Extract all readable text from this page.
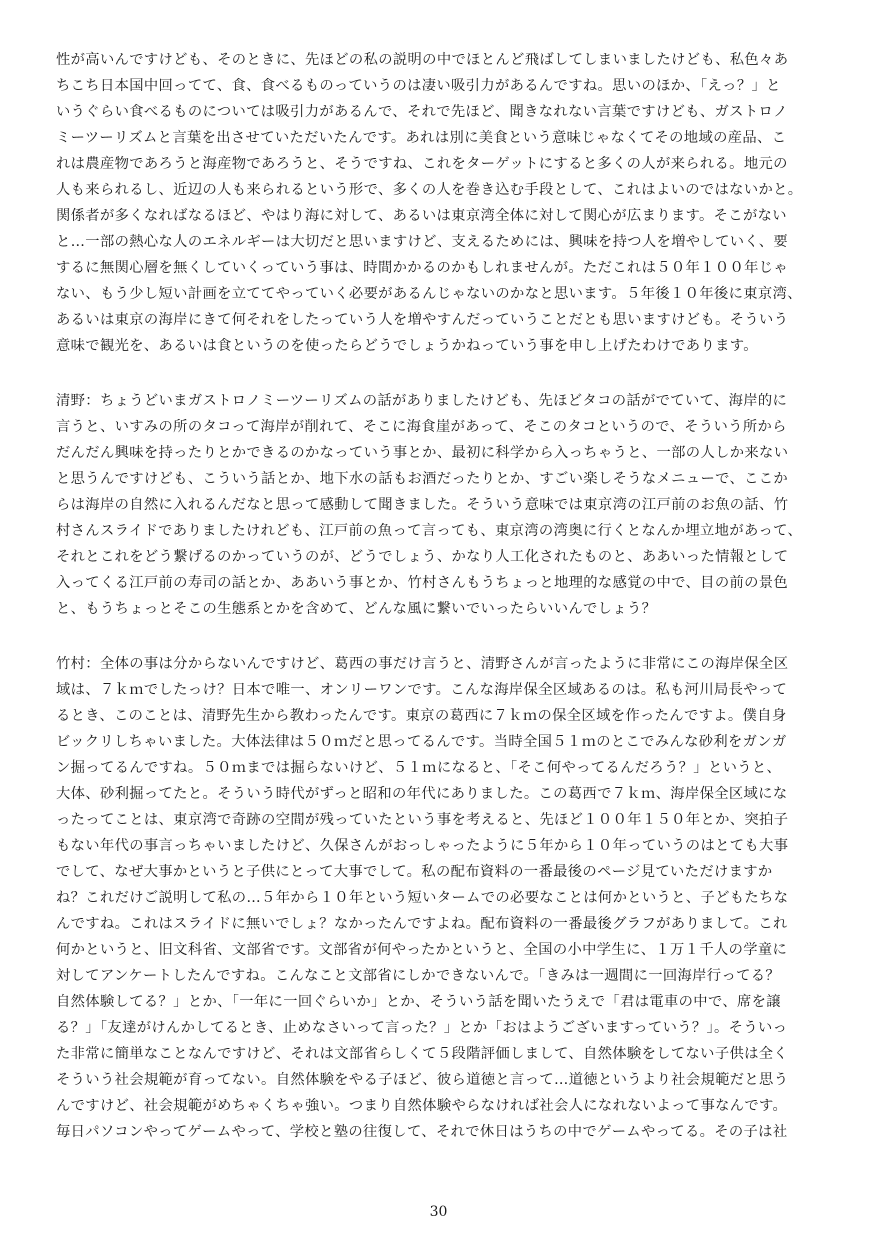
性が高いんですけども、そのときに、先ほどの私の説明の中でほとんど飛ばしてしまいましたけども、私色々あ
ちこち日本国中回ってて、食、食べるものっていうのは凄い吸引力があるんですね。思いのほか、「えっ？」と
いうぐらい食べるものについては吸引力があるんで、それで先ほど、聞きなれない言葉ですけども、ガストロノ
ミーツーリズムと言葉を出させていただいたんです。あれは別に美食という意味じゃなくてその地域の産品、こ
れは農産物であろうと海産物であろうと、そうですね、これをターゲットにすると多くの人が来られる。地元の
人も来られるし、近辺の人も来られるという形で、多くの人を巻き込む手段として、これはよいのではないかと。
関係者が多くなればなるほど、やはり海に対して、あるいは東京湾全体に対して関心が広まります。そこがない
と…一部の熱心な人のエネルギーは大切だと思いますけど、支えるためには、興味を持つ人を増やしていく、要
するに無関心層を無くしていくっていう事は、時間かかるのかもしれませんが。ただこれは５０年１００年じゃ
ない、もう少し短い計画を立ててやっていく必要があるんじゃないのかなと思います。５年後１０年後に東京湾、
あるいは東京の海岸にきて何それをしたっていう人を増やすんだっていうことだとも思いますけども。そういう
意味で観光を、あるいは食というのを使ったらどうでしょうかねっていう事を申し上げたわけであります。
清野：ちょうどいまガストロノミーツーリズムの話がありましたけども、先ほどタコの話がでていて、海岸的に
言うと、いすみの所のタコって海岸が削れて、そこに海食崖があって、そこのタコというので、そういう所から
だんだん興味を持ったりとかできるのかなっていう事とか、最初に科学から入っちゃうと、一部の人しか来ない
と思うんですけども、こういう話とか、地下水の話もお酒だったりとか、すごい楽しそうなメニューで、ここか
らは海岸の自然に入れるんだなと思って感動して聞きました。そういう意味では東京湾の江戸前のお魚の話、竹
村さんスライドでありましたけれども、江戸前の魚って言っても、東京湾の湾奥に行くとなんか埋立地があって、
それとこれをどう繋げるのかっていうのが、どうでしょう、かなり人工化されたものと、ああいった情報として
入ってくる江戸前の寿司の話とか、ああいう事とか、竹村さんもうちょっと地理的な感覚の中で、目の前の景色
と、もうちょっとそこの生態系とかを含めて、どんな風に繋いでいったらいいんでしょう？
竹村：全体の事は分からないんですけど、葛西の事だけ言うと、清野さんが言ったように非常にこの海岸保全区
域は、７ｋｍでしたっけ？日本で唯一、オンリーワンです。こんな海岸保全区域あるのは。私も河川局長やって
るとき、このことは、清野先生から教わったんです。東京の葛西に７ｋｍの保全区域を作ったんですよ。僕自身
ビックリしちゃいました。大体法律は５０ｍだと思ってるんです。当時全国５１ｍのとこでみんな砂利をガンガ
ン掘ってるんですね。５０ｍまでは掘らないけど、５１ｍになると、「そこ何やってるんだろう？」というと、
大体、砂利掘ってたと。そういう時代がずっと昭和の年代にありました。この葛西で７ｋｍ、海岸保全区域にな
ったってことは、東京湾で奇跡の空間が残っていたという事を考えると、先ほど１００年１５０年とか、突拍子
もない年代の事言っちゃいましたけど、久保さんがおっしゃったように５年から１０年っていうのはとても大事
でして、なぜ大事かというと子供にとって大事でして。私の配布資料の一番最後のページ見ていただけますか
ね？これだけご説明して私の…５年から１０年という短いタームでの必要なことは何かというと、子どもたちな
んですね。これはスライドに無いでしょ？なかったんですよね。配布資料の一番最後グラフがありまして。これ
何かというと、旧文科省、文部省です。文部省が何やったかというと、全国の小中学生に、１万１千人の学童に
対してアンケートしたんですね。こんなこと文部省にしかできないんで。「きみは一週間に一回海岸行ってる？
自然体験してる？」とか、「一年に一回ぐらいか」とか、そういう話を聞いたうえで「君は電車の中で、席を譲
る？」「友達がけんかしてるとき、止めなさいって言った？」とか「おはようございますっていう？」。そういっ
た非常に簡単なことなんですけど、それは文部省らしくて５段階評価しまして、自然体験をしてない子供は全く
そういう社会規範が育ってない。自然体験をやる子ほど、彼ら道徳と言って…道徳というより社会規範だと思う
んですけど、社会規範がめちゃくちゃ強い。つまり自然体験やらなければ社会人になれないよって事なんです。
毎日パソコンやってゲームやって、学校と塾の往復して、それで休日はうちの中でゲームやってる。その子は社
30
